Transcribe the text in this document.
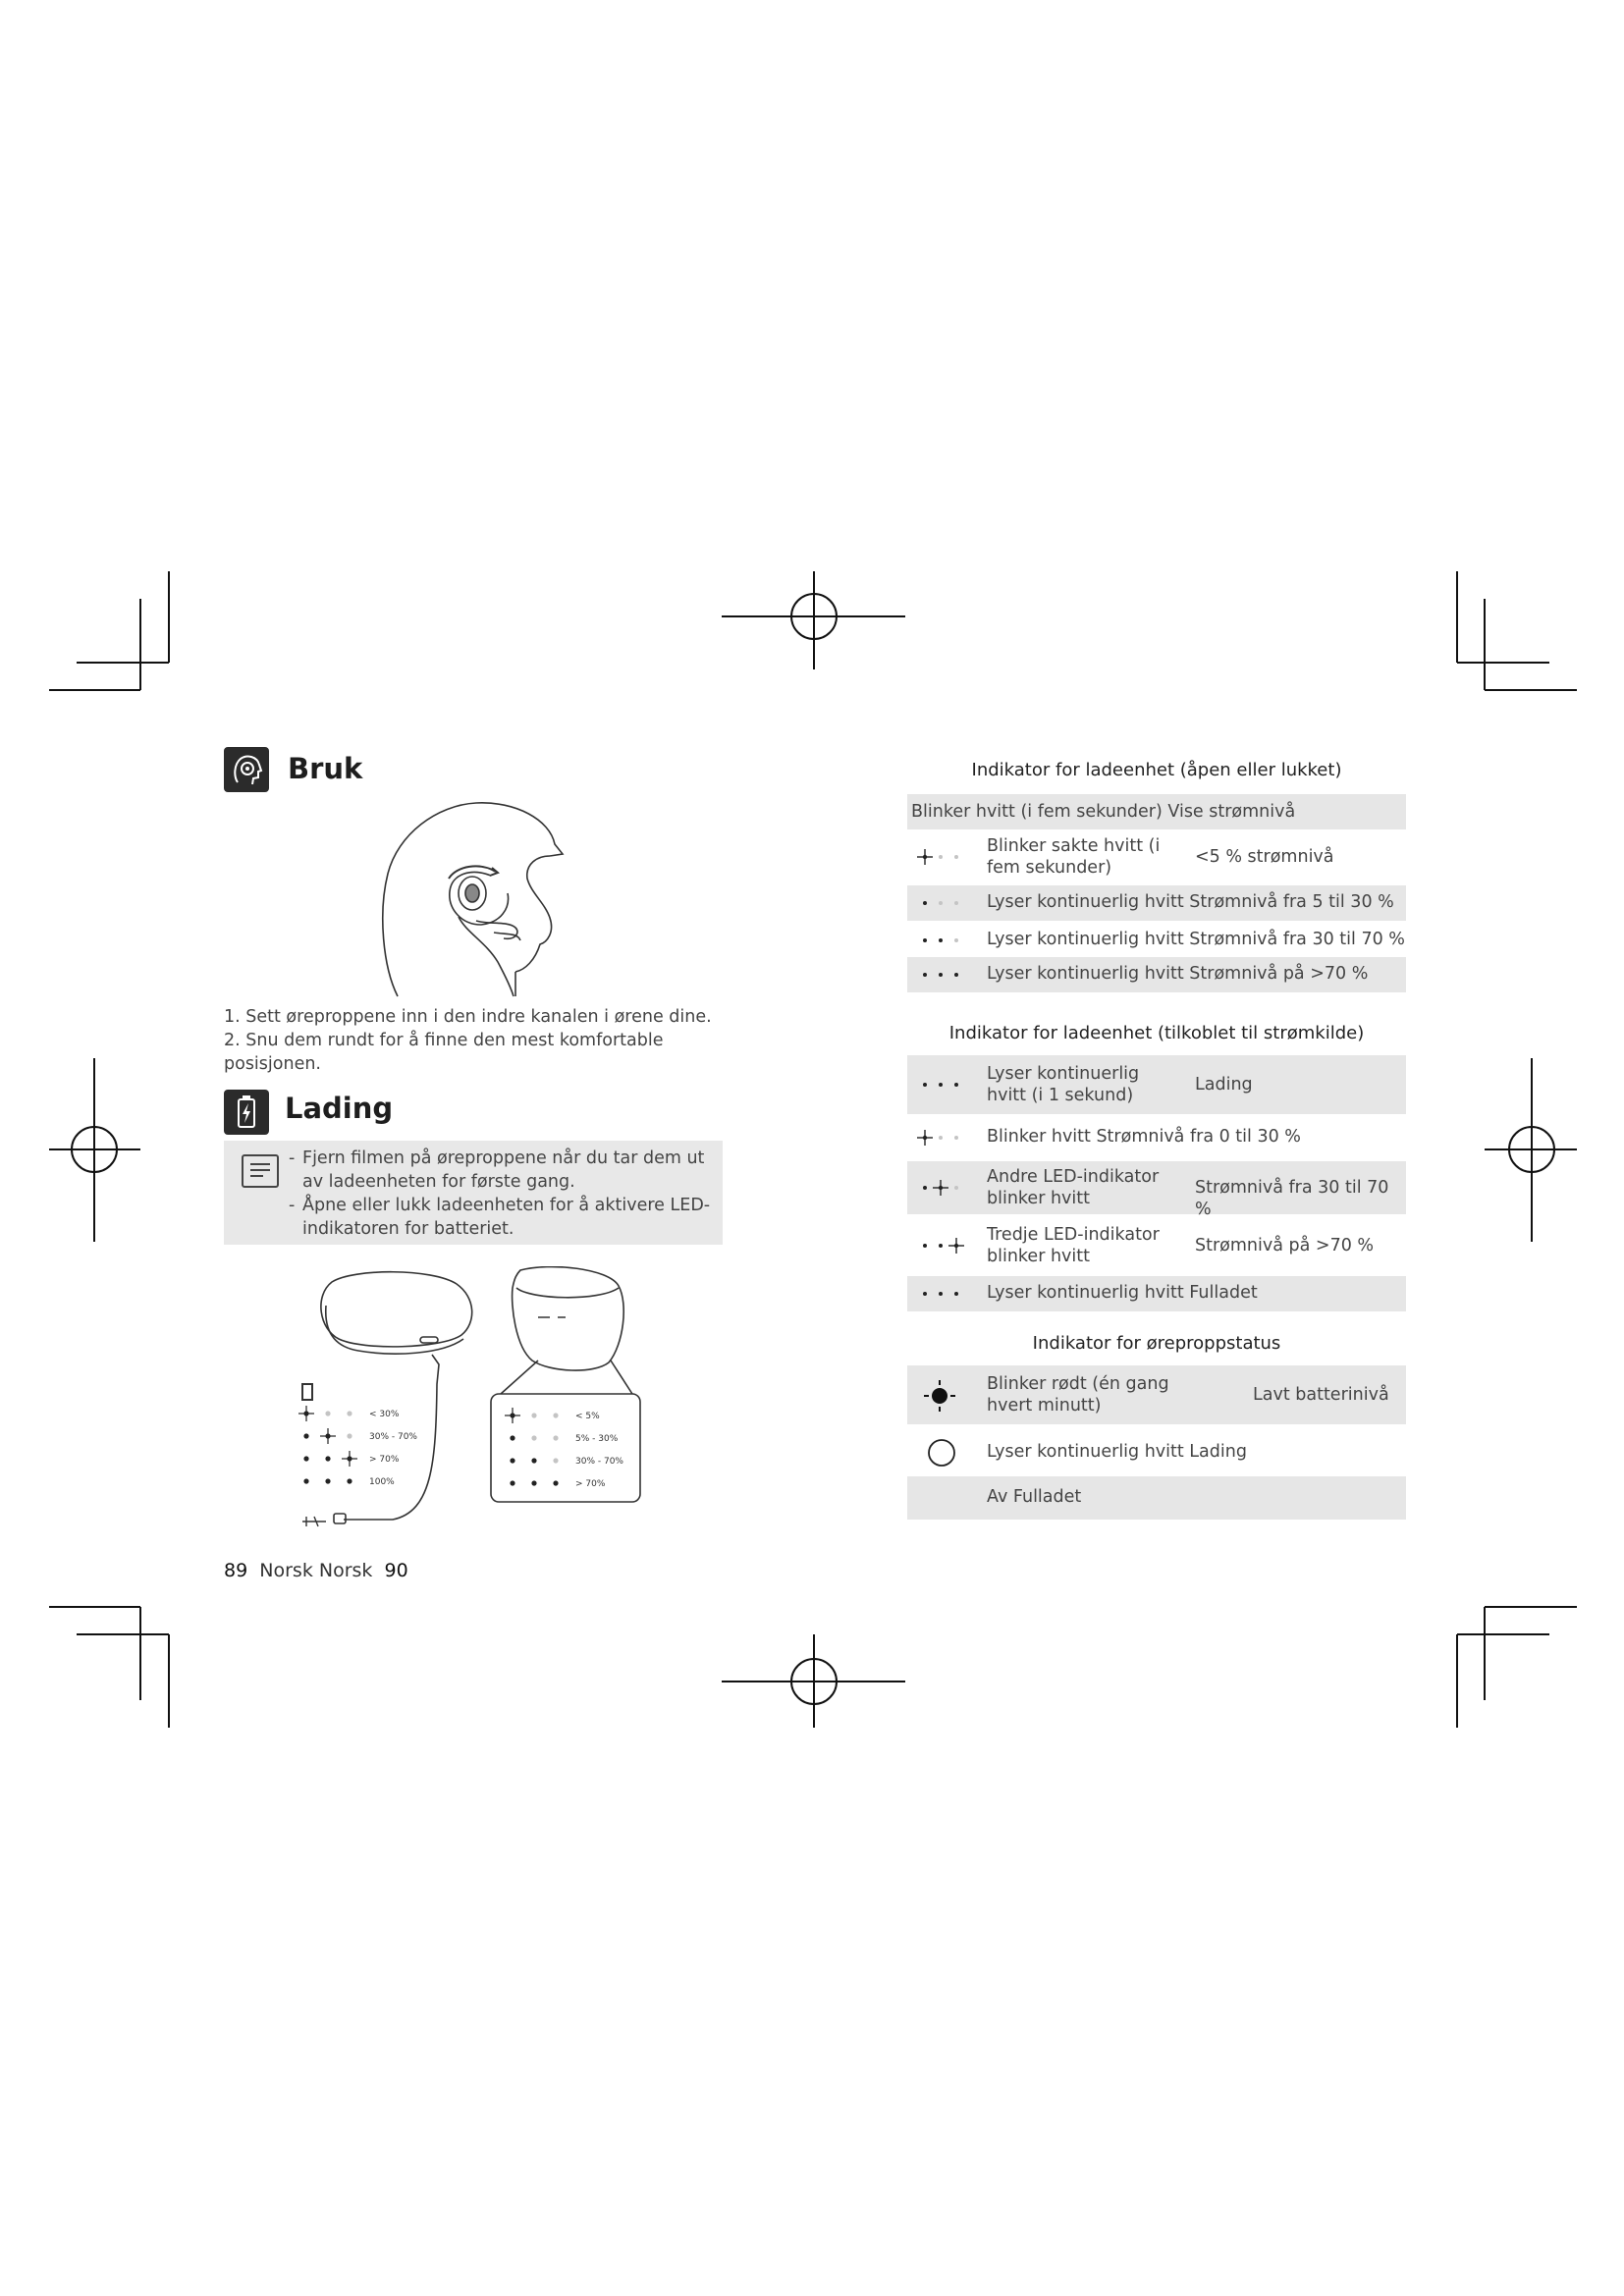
Bruk
1. Sett øreproppene inn i den indre kanalen i ørene dine.
2. Snu dem rundt for å finne den mest komfortable posisjonen.
Lading
- Fjern filmen på øreproppene når du tar dem ut av ladeenheten for første gang.
- Åpne eller lukk ladeenheten for å aktivere LED-indikatoren for batteriet.
< 30%
30% - 70%
> 70%
100%
< 5%
5% - 30%
30% - 70%
> 70%
89 Norsk Norsk 90
Indikator for ladeenhet (åpen eller lukket)
Blinker hvitt (i fem sekunder) Vise strømnivå
Blinker sakte hvitt (i fem sekunder)
<5 % strømnivå
Lyser kontinuerlig hvitt Strømnivå fra 5 til 30 %
Lyser kontinuerlig hvitt Strømnivå fra 30 til 70 %
Lyser kontinuerlig hvitt Strømnivå på >70 %
Indikator for ladeenhet (tilkoblet til strømkilde)
Lyser kontinuerlig hvitt (i 1 sekund)
Lading
Blinker hvitt Strømnivå fra 0 til 30 %
Andre LED-indikator blinker hvitt
Strømnivå fra 30 til 70 %
Tredje LED-indikator blinker hvitt
Strømnivå på >70 %
Lyser kontinuerlig hvitt Fulladet
Indikator for øreproppstatus
Blinker rødt (én gang hvert minutt)
Lavt batterinivå
Lyser kontinuerlig hvitt Lading
Av Fulladet
